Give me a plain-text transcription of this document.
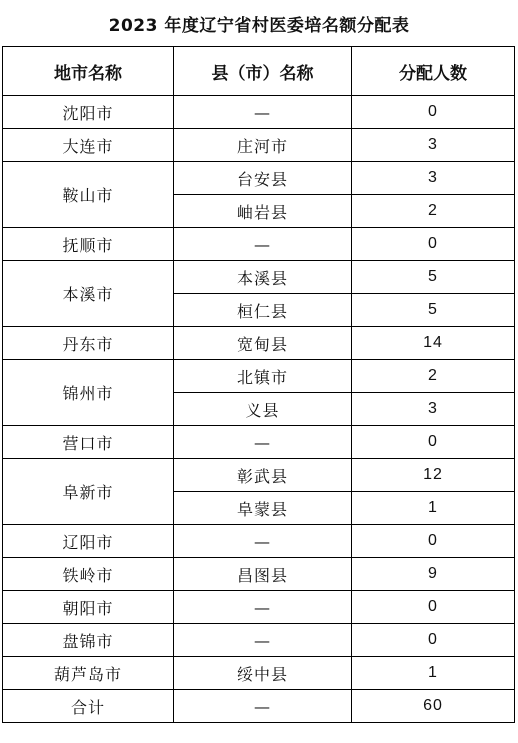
2023 年度辽宁省村医委培名额分配表
地市名称	县（市）名称	分配人数
沈阳市	—	0
大连市	庄河市	3
鞍山市	台安县	3
	岫岩县	2
抚顺市	—	0
本溪市	本溪县	5
	桓仁县	5
丹东市	宽甸县	14
锦州市	北镇市	2
	义县	3
营口市	—	0
阜新市	彰武县	12
	阜蒙县	1
辽阳市	—	0
铁岭市	昌图县	9
朝阳市	—	0
盘锦市	—	0
葫芦岛市	绥中县	1
合计	—	60
